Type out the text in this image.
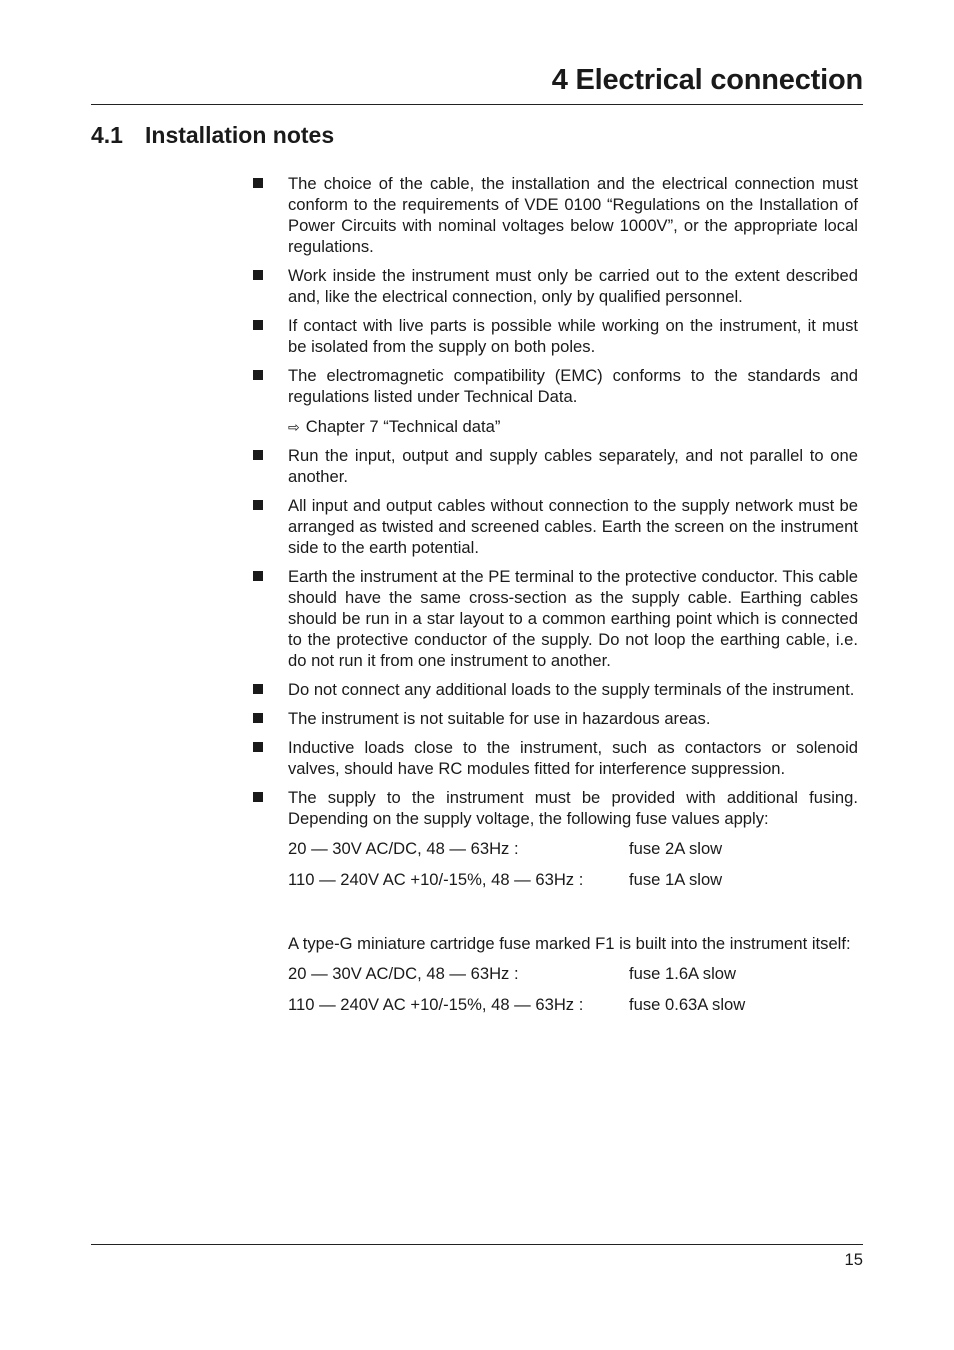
4 Electrical connection
4.1 Installation notes
The choice of the cable, the installation and the electrical connection must conform to the requirements of VDE 0100 “Regulations on the Installation of Power Circuits with nominal voltages below 1000V”, or the appropriate local regulations.
Work inside the instrument must only be carried out to the extent described and, like the electrical connection, only by qualified personnel.
If contact with live parts is possible while working on the instrument, it must be isolated from the supply on both poles.
The electromagnetic compatibility (EMC) conforms to the standards and regulations listed under Technical Data.
⇨ Chapter 7 “Technical data”
Run the input, output and supply cables separately, and not parallel to one another.
All input and output cables without connection to the supply network must be arranged as twisted and screened cables. Earth the screen on the instrument side to the earth potential.
Earth the instrument at the PE terminal to the protective conductor. This cable should have the same cross-section as the supply cable. Earthing cables should be run in a star layout to a common earthing point which is connected to the protective conductor of the supply. Do not loop the earthing cable, i.e. do not run it from one instrument to another.
Do not connect any additional loads to the supply terminals of the instrument.
The instrument is not suitable for use in hazardous areas.
Inductive loads close to the instrument, such as contactors or solenoid valves, should have RC modules fitted for interference suppression.
The supply to the instrument must be provided with additional fusing. Depending on the supply voltage, the following fuse values apply:
20 — 30V AC/DC, 48 — 63Hz :	fuse 2A slow
110 — 240V AC +10/-15%, 48 — 63Hz :	fuse 1A slow
A type-G miniature cartridge fuse marked F1 is built into the instrument itself:
20 — 30V AC/DC, 48 — 63Hz :	fuse 1.6A slow
110 — 240V AC +10/-15%, 48 — 63Hz :	fuse 0.63A slow
15
